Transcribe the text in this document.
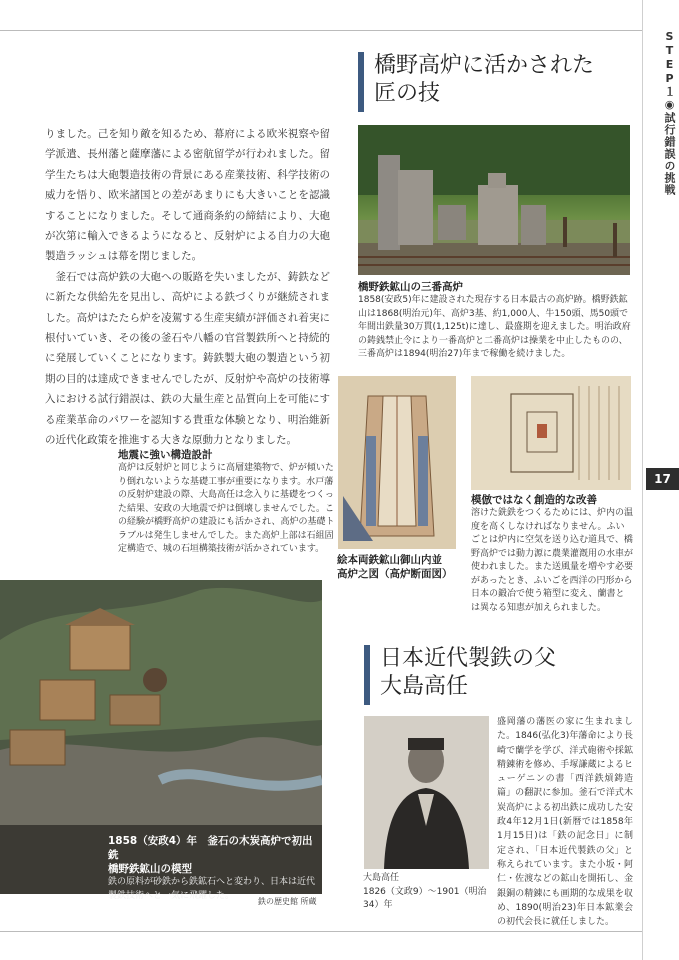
STEP１◉試行錯誤の挑戦
17
橋野高炉に活かされた
匠の技

りました。己を知り敵を知るため、幕府による欧米視察や留学派遣、長州藩と薩摩藩による密航留学が行われました。留学生たちは大砲製造技術の背景にある産業技術、科学技術の威力を悟り、欧米諸国との差があまりにも大きいことを認識することになりました。そして通商条約の締結により、大砲が次第に輸入できるようになると、反射炉による自力の大砲製造ラッシュは幕を閉じました。

釜石では高炉鉄の大砲への販路を失いましたが、鋳鉄などに新たな供給先を見出し、高炉による鉄づくりが継続されました。高炉はたたら炉を凌駕する生産実績が評価され着実に根付いていき、その後の釜石や八幡の官営製鉄所へと持続的に発展していくことになります。鋳鉄製大砲の製造という初期の目的は達成できませんでしたが、反射炉や高炉の技術導入における試行錯誤は、鉄の大量生産と品質向上を可能にする産業革命のパワーを認知する貴重な体験となり、明治維新の近代化政策を推進する大きな原動力となりました。

橋野鉄鉱山の三番高炉
1858(安政5)年に建設された現存する日本最古の高炉跡。橋野鉄鉱山は1868(明治元)年、高炉3基、約1,000人、牛150頭、馬50頭で年間出鉄量30万貫(1,125t)に達し、最盛期を迎えました。明治政府の鋳銭禁止令により一番高炉と二番高炉は操業を中止したものの、三番高炉は1894(明治27)年まで稼働を続けました。
絵本両鉄鉱山御山内並
高炉之図（高炉断面図）
模倣ではなく創造的な改善
溶けた銑鉄をつくるためには、炉内の温度を高くしなければなりません。ふいごとは炉内に空気を送り込む道具で、橋野高炉では動力源に農業灌漑用の水車が使われました。また送風量を増やす必要があったとき、ふいごを西洋の円形から日本の鍛冶で使う箱型に変え、蘭書とは異なる知恵が加えられました。
地震に強い構造設計
高炉は反射炉と同じように高層建築物で、炉が傾いたり倒れないような基礎工事が重要になります。水戸藩の反射炉建設の際、大島高任は念入りに基礎をつくった結果、安政の大地震で炉は倒壊しませんでした。この経験が橋野高炉の建設にも活かされ、高炉の基礎トラブルは発生しませんでした。また高炉上部は石組固定構造で、城の石垣構築技術が活かされています。
1858（安政4）年　釜石の木炭高炉で初出銑
橋野鉄鉱山の模型
鉄の原料が砂鉄から鉄鉱石へと変わり、日本は近代製鉄技術へと一気に飛躍した。
鉄の歴史館 所蔵
日本近代製鉄の父
大島高任
大島高任
1826（文政9）〜1901（明治34）年
盛岡藩の藩医の家に生まれました。1846(弘化3)年藩命により長崎で蘭学を学び、洋式砲術や採鉱精錬術を修め、手塚謙蔵によるヒューゲニンの書「西洋鉄熕鋳造篇」の翻訳に参加。釜石で洋式木炭高炉による初出鉄に成功した安政4年12月1日(新暦では1858年1月15日)は「鉄の記念日」に制定され、「日本近代製鉄の父」と称えられています。また小坂・阿仁・佐渡などの鉱山を開拓し、金銀銅の精錬にも画期的な成果を収め、1890(明治23)年日本鉱業会の初代会長に就任しました。
